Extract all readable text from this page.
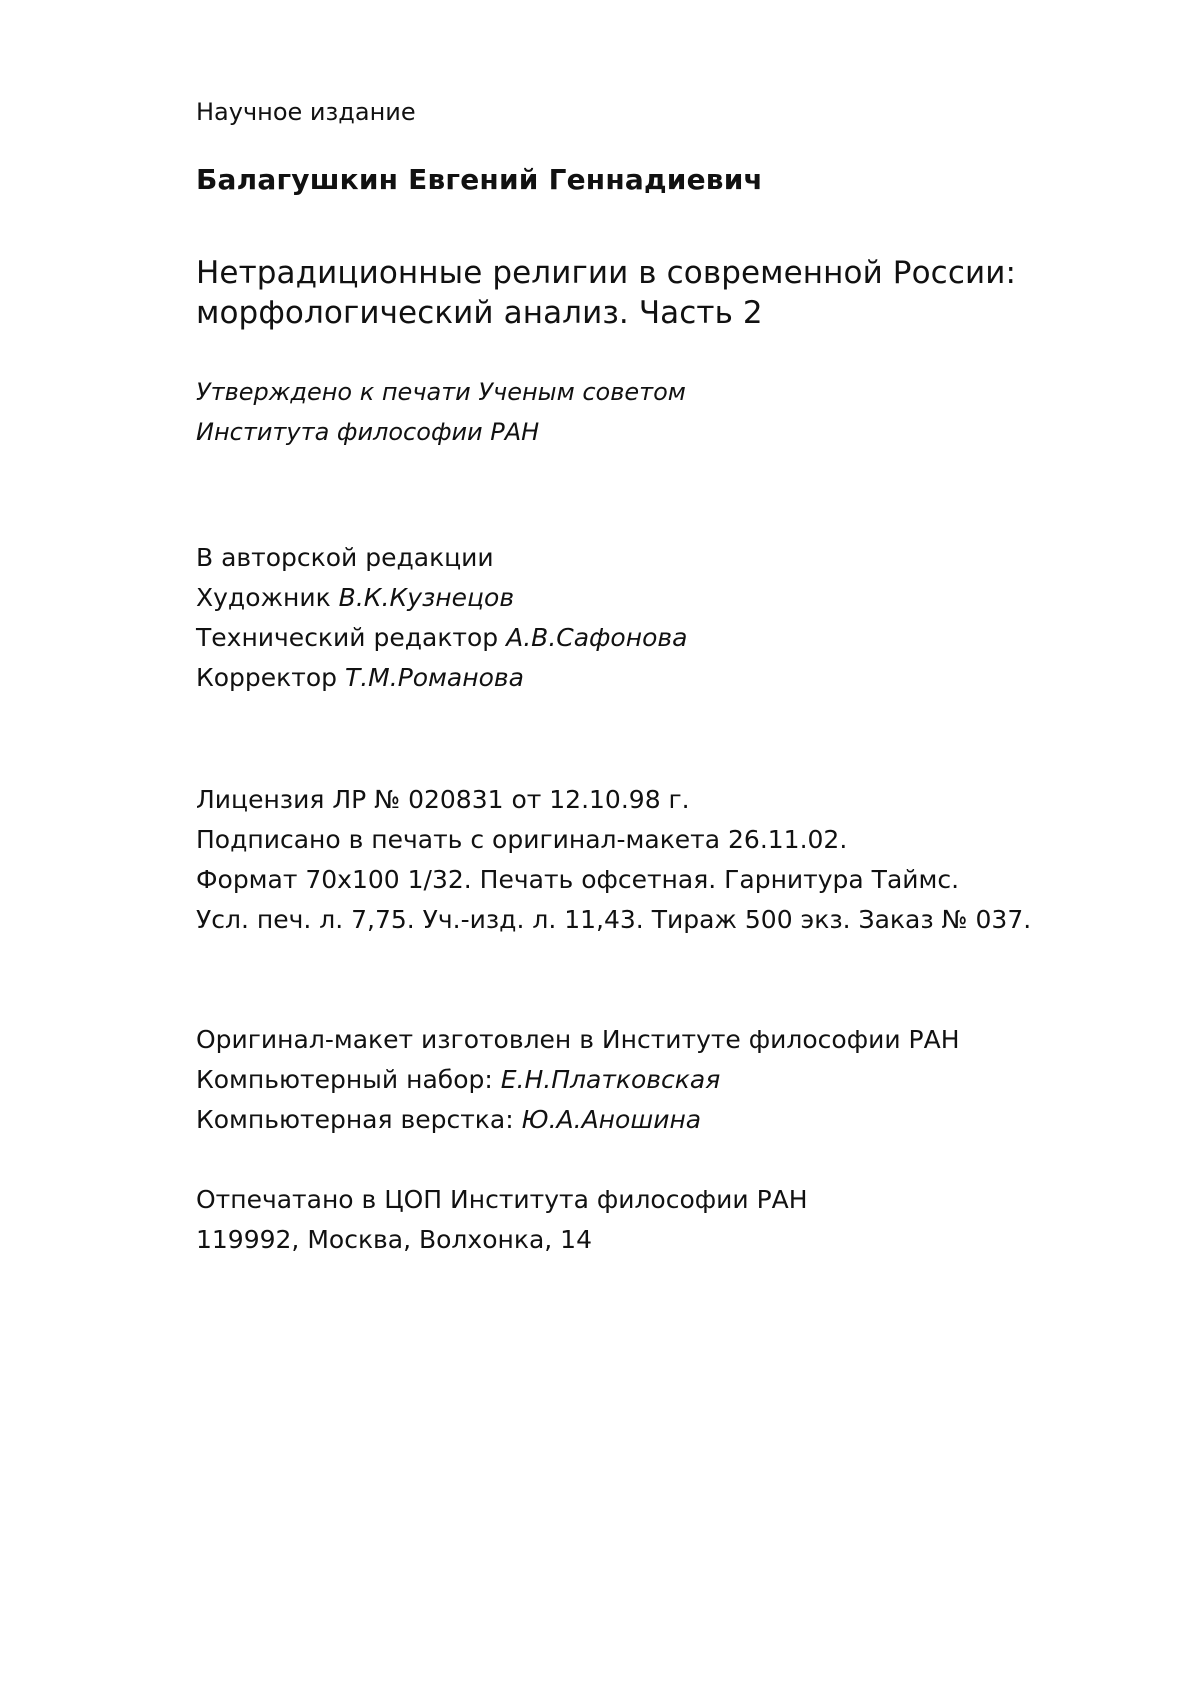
Научное издание
Балагушкин Евгений Геннадиевич
Нетрадиционные религии в современной России:
морфологический анализ. Часть 2
Утверждено к печати Ученым советом
Института философии РАН
В авторской редакции
Художник В.К.Кузнецов
Технический редактор А.В.Сафонова
Корректор Т.М.Романова
Лицензия ЛР № 020831 от 12.10.98 г.
Подписано в печать с оригинал-макета 26.11.02.
Формат 70х100 1/32. Печать офсетная. Гарнитура Таймс.
Усл. печ. л. 7,75. Уч.-изд. л. 11,43. Тираж 500 экз. Заказ № 037.
Оригинал-макет изготовлен в Институте философии РАН
Компьютерный набор: Е.Н.Платковская
Компьютерная верстка: Ю.А.Аношина
Отпечатано в ЦОП Института философии РАН
119992, Москва, Волхонка, 14
